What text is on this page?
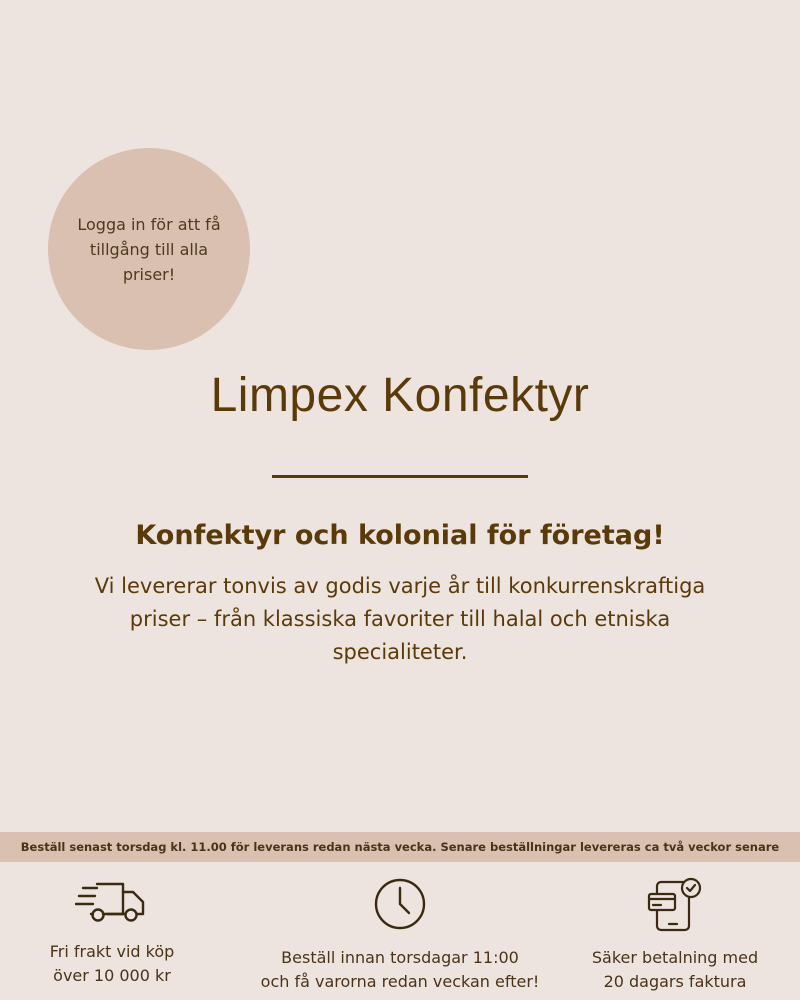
Logga in för att få tillgång till alla priser!
Limpex Konfektyr
Konfektyr och kolonial för företag!

Vi levererar tonvis av godis varje år till konkurrenskraftiga priser – från klassiska favoriter till halal och etniska specialiteter.

Beställ senast torsdag kl. 11.00 för leverans redan nästa vecka. Senare beställningar levereras ca två veckor senare
Fri frakt vid köp
över 10 000 kr
Beställ innan torsdagar 11:00
och få varorna redan veckan efter!
Säker betalning med
20 dagars faktura
